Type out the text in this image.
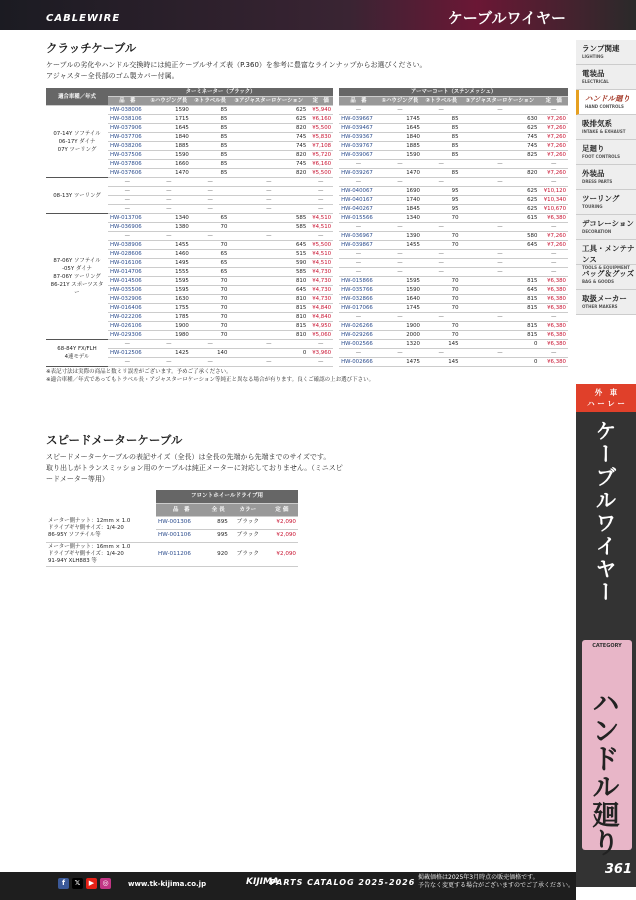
CABLEWIRE	ケーブルワイヤー
クラッチケーブル
ケーブルの劣化やハンドル交換時には純正ケーブルサイズ表（P.360）を参考に豊富なラインナップからお選びください。
アジャスター全長部のゴム製カバー付属。
適合車種／年式	ターミネーター（ブラック）						アーマーコート（ステンメッシュ）				
	品　番	①ハウジング長	②トラベル長	③アジャスターロケーション	定　価		品　番	①ハウジング長	②トラベル長	③アジャスターロケーション	定　価
07-14Y ソフテイル
06-17Y ダイナ
07Y ツーリング	HW-038006	1590	85	625	¥5,940		—	—	—	—	—
	HW-038106	1715	85	625	¥6,160		HW-039667	1745	85	630	¥7,260
	HW-037906	1645	85	820	¥5,500		HW-039467	1645	85	625	¥7,260
	HW-037706	1840	85	745	¥5,830		HW-039367	1840	85	745	¥7,260
	HW-038206	1885	85	745	¥7,108		HW-039767	1885	85	745	¥7,260
	HW-037506	1590	85	820	¥5,720		HW-039067	1590	85	825	¥7,260
	HW-037806	1660	85	745	¥6,160		—	—	—	—	—
	HW-037606	1470	85	820	¥5,500		HW-039267	1470	85	820	¥7,260
08-13Y ツーリング	—	—	—	—	—		—	—	—	—	—
	—	—	—	—	—		HW-040067	1690	95	625	¥10,120
	—	—	—	—	—		HW-040167	1740	95	625	¥10,340
	—	—	—	—	—		HW-040267	1845	95	625	¥10,670
87-06Y ソフテイル
-05Y ダイナ
87-06Y ツーリング
86-21Y スポーツスター	HW-013706	1340	65	585	¥4,510		HW-015566	1340	70	615	¥6,380
	HW-036906	1380	70	585	¥4,510		—	—	—	—	—
	—	—	—	—	—		HW-036967	1390	70	580	¥7,260
	HW-038906	1455	70	645	¥5,500		HW-039867	1455	70	645	¥7,260
	HW-028606	1460	65	515	¥4,510		—	—	—	—	—
	HW-016106	1495	65	590	¥4,510		—	—	—	—	—
	HW-014706	1555	65	585	¥4,730		—	—	—	—	—
	HW-014506	1595	70	810	¥4,730		HW-015866	1595	70	815	¥6,380
	HW-035506	1595	70	645	¥4,730		HW-035766	1590	70	645	¥6,380
	HW-032906	1630	70	810	¥4,730		HW-032866	1640	70	815	¥6,380
	HW-016406	1755	70	815	¥4,840		HW-017066	1745	70	815	¥6,380
	HW-022206	1785	70	810	¥4,840		—	—	—	—	—
	HW-026106	1900	70	815	¥4,950		HW-026266	1900	70	815	¥6,380
	HW-029306	1980	70	810	¥5,060		HW-029266	2000	70	815	¥6,380
68-84Y FX/FLH
4速モデル	—	—	—	—	—		HW-002566	1320	145	0	¥6,380
	HW-012506	1425	140	0	¥3,960		—	—	—	—	—
	—	—	—	—	—		HW-002666	1475	145	0	¥6,380
※表記寸法は実際の商品と数ミリ誤差がございます。予めご了承ください。
※適合車種／年式であってもトラベル長・アジャスターロケーション等純正と異なる場合が有ります。良くご確認の上お選び下さい。
スピードメーターケーブル
スピードメーターケーブルの表記サイズ（全長）は全長の先端から先端までのサイズです。
取り出しがトランスミッション用のケーブルは純正メーターに対応しておりません。（ミニスピードメーター等用）
	フロントホイールドライブ用			
	品　番	全 長	カラー	定 価
メーター側ナット：12mm × 1.0
ドライブギヤ側サイズ：1/4-20
86-95Y ソフテイル等	HW-001306	895	ブラック	¥2,090
	HW-001106	995	ブラック	¥2,090
メーター側ナット：16mm × 1.0
ドライブギヤ側サイズ：1/4-20
91-94Y XLH883 等	HW-011206	920	ブラック	¥2,090
ランプ関連
LIGHTING
電装品
ELECTRICAL
ハンドル廻り
HAND CONTROLS
吸排気系
INTAKE & EXHAUST
足廻り
FOOT CONTROLS
外装品
DRESS PARTS
ツーリング
TOURING
デコレーション
DECORATION
工具・メンテナンス
TOOLS & EQUIPMENT
バッグ＆グッズ
BAG & GOODS
取扱メーカー
OTHER MAKERS
外　車
ハ ー レ ー
ケーブルワイヤー
CATEGORY
ハンドル廻り
f	𝕏	▶	◎	www.tk-kijima.co.jp	KIJIMA
PARTS CATALOG 2025-2026
掲載価格は2025年3月時点の販売価格です。
予告なく変更する場合がございますのでご了承ください。
361
